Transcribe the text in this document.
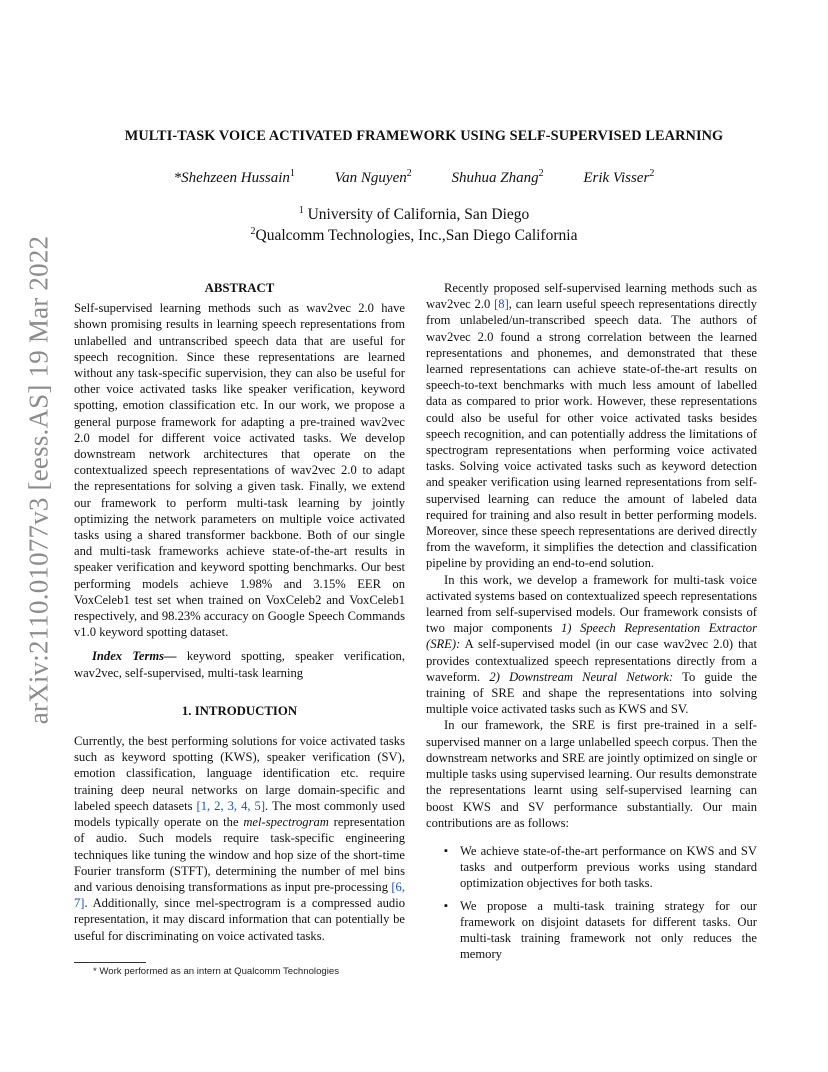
arXiv:2110.01077v3 [eess.AS] 19 Mar 2022
MULTI-TASK VOICE ACTIVATED FRAMEWORK USING SELF-SUPERVISED LEARNING
*Shehzeen Hussain$^1$	Van Nguyen$^2$	Shuhua Zhang$^2$	Erik Visser$^2$
$^1$ University of California, San Diego
$^2$Qualcomm Technologies, Inc.,San Diego California
ABSTRACT

Self-supervised learning methods such as wav2vec 2.0 have shown promising results in learning speech representations from unlabelled and untranscribed speech data that are useful for speech recognition. Since these representations are learned without any task-specific supervision, they can also be useful for other voice activated tasks like speaker verification, keyword spotting, emotion classification etc. In our work, we propose a general purpose framework for adapting a pre-trained wav2vec 2.0 model for different voice activated tasks. We develop downstream network architectures that operate on the contextualized speech representations of wav2vec 2.0 to adapt the representations for solving a given task. Finally, we extend our framework to perform multi-task learning by jointly optimizing the network parameters on multiple voice activated tasks using a shared transformer backbone. Both of our single and multi-task frameworks achieve state-of-the-art results in speaker verification and keyword spotting benchmarks. Our best performing models achieve 1.98% and 3.15% EER on VoxCeleb1 test set when trained on VoxCeleb2 and VoxCeleb1 respectively, and 98.23% accuracy on Google Speech Commands v1.0 keyword spotting dataset.

Index Terms— keyword spotting, speaker verification, wav2vec, self-supervised, multi-task learning

1. INTRODUCTION

Currently, the best performing solutions for voice activated tasks such as keyword spotting (KWS), speaker verification (SV), emotion classification, language identification etc. require training deep neural networks on large domain-specific and labeled speech datasets [1, 2, 3, 4, 5]. The most commonly used models typically operate on the mel-spectrogram representation of audio. Such models require task-specific engineering techniques like tuning the window and hop size of the short-time Fourier transform (STFT), determining the number of mel bins and various denoising transformations as input pre-processing [6, 7]. Additionally, since mel-spectrogram is a compressed audio representation, it may discard information that can potentially be useful for discriminating on voice activated tasks.

Recently proposed self-supervised learning methods such as wav2vec 2.0 [8], can learn useful speech representations directly from unlabeled/un-transcribed speech data. The authors of wav2vec 2.0 found a strong correlation between the learned representations and phonemes, and demonstrated that these learned representations can achieve state-of-the-art results on speech-to-text benchmarks with much less amount of labelled data as compared to prior work. However, these representations could also be useful for other voice activated tasks besides speech recognition, and can potentially address the limitations of spectrogram representations when performing voice activated tasks. Solving voice activated tasks such as keyword detection and speaker verification using learned representations from self-supervised learning can reduce the amount of labeled data required for training and also result in better performing models. Moreover, since these speech representations are derived directly from the waveform, it simplifies the detection and classification pipeline by providing an end-to-end solution.

In this work, we develop a framework for multi-task voice activated systems based on contextualized speech representations learned from self-supervised models. Our framework consists of two major components 1) Speech Representation Extractor (SRE): A self-supervised model (in our case wav2vec 2.0) that provides contextualized speech representations directly from a waveform. 2) Downstream Neural Network: To guide the training of SRE and shape the representations into solving multiple voice activated tasks such as KWS and SV.

In our framework, the SRE is first pre-trained in a self-supervised manner on a large unlabelled speech corpus. Then the downstream networks and SRE are jointly optimized on single or multiple tasks using supervised learning. Our results demonstrate the representations learnt using self-supervised learning can boost KWS and SV performance substantially. Our main contributions are as follows:

▪ We achieve state-of-the-art performance on KWS and SV tasks and outperform previous works using standard optimization objectives for both tasks.
▪ We propose a multi-task training strategy for our framework on disjoint datasets for different tasks. Our multi-task training framework not only reduces the memory
* Work performed as an intern at Qualcomm Technologies
